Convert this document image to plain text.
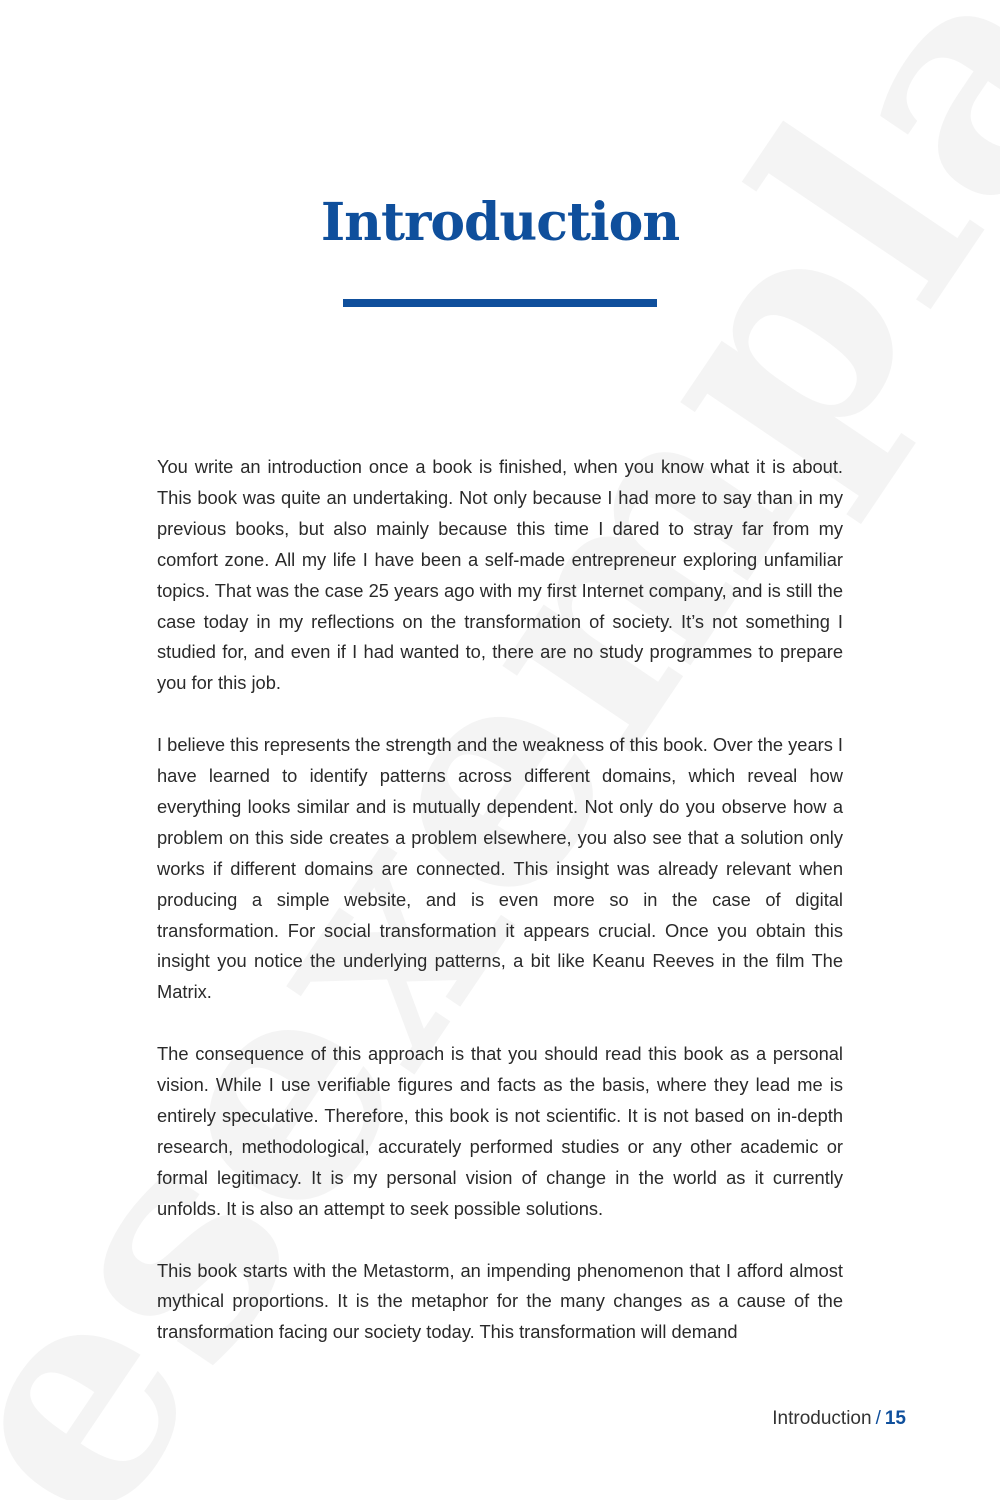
Introduction

You write an introduction once a book is finished, when you know what it is about. This book was quite an undertaking. Not only because I had more to say than in my previous books, but also mainly because this time I dared to stray far from my comfort zone. All my life I have been a self-made entrepreneur exploring unfamiliar topics. That was the case 25 years ago with my first Internet company, and is still the case today in my reflections on the transformation of society. It’s not something I studied for, and even if I had wanted to, there are no study programmes to prepare you for this job.

I believe this represents the strength and the weakness of this book. Over the years I have learned to identify patterns across different domains, which reveal how everything looks similar and is mutually dependent. Not only do you observe how a problem on this side creates a problem elsewhere, you also see that a solution only works if different domains are connected. This insight was already relevant when producing a simple website, and is even more so in the case of digital transformation. For social transformation it appears crucial. Once you obtain this insight you notice the underlying patterns, a bit like Keanu Reeves in the film The Matrix.

The consequence of this approach is that you should read this book as a personal vision. While I use verifiable figures and facts as the basis, where they lead me is entirely speculative. Therefore, this book is not scientific. It is not based on in-depth research, methodological, accurately performed studies or any other academic or formal legitimacy. It is my personal vision of change in the world as it currently unfolds. It is also an attempt to seek possible solutions.

This book starts with the Metastorm, an impending phenomenon that I afford almost mythical proportions. It is the metaphor for the many changes as a cause of the transformation facing our society today. This transformation will demand

Introduction / 15
